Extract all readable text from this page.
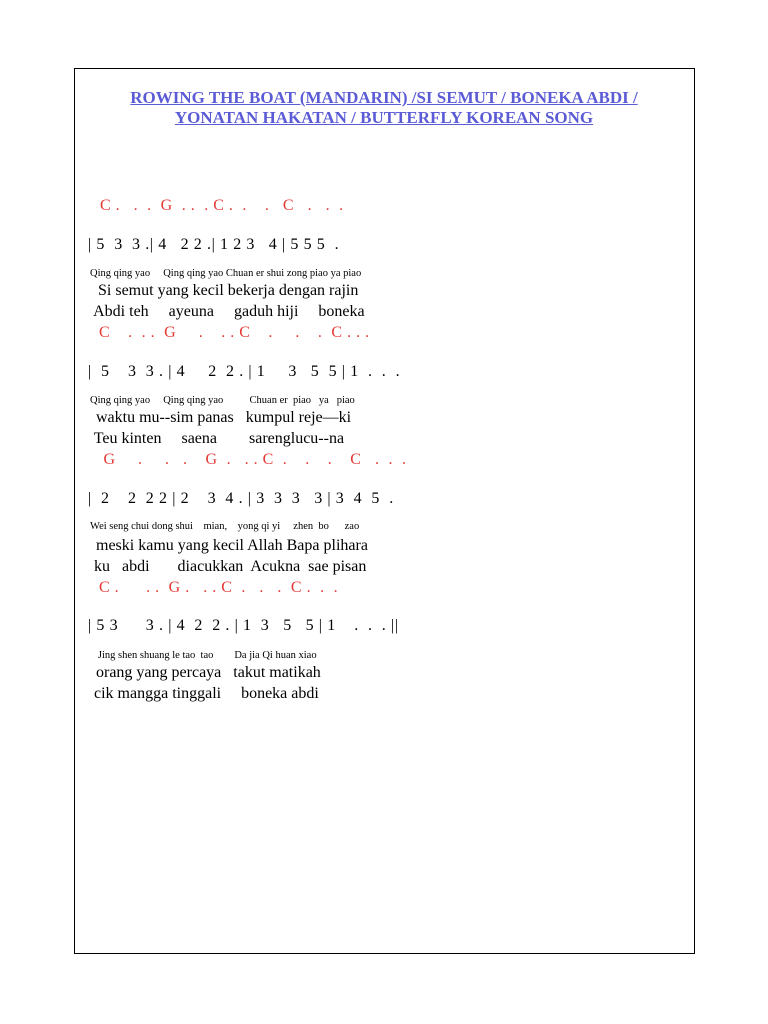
ROWING THE BOAT (MANDARIN) /SI SEMUT / BONEKA ABDI /
YONATAN HAKATAN / BUTTERFLY KOREAN SONG
C .   .  .  G  . .  . C .  .    .   C   .   .  .
| 5  3  3 .| 4   2 2 .| 1 2 3   4 | 5 5 5  .
Qing qing yao     Qing qing yao Chuan er shui zong piao ya piao
Si semut yang kecil bekerja dengan rajin
Abdi teh     ayeuna     gaduh hiji     boneka
C    .  . .  G     .    . . C    .     .    .  C . . .
|  5    3  3 . | 4     2  2 . | 1     3   5  5 | 1  .  .  .
Qing qing yao     Qing qing yao          Chuan er  piao   ya   piao
waktu mu--sim panas   kumpul reje—ki
Teu kinten     saena        sarenglucu--na
G     .     .   .    G  .   . . C  .    .    .    C   .  .  .
|  2    2  2 2 | 2    3  4 . | 3  3  3   3 | 3  4  5  .
Wei seng chui dong shui    mian,    yong qi yi     zhen  bo      zao
meski kamu yang kecil Allah Bapa plihara
ku   abdi       diacukkan  Acukna  sae pisan
C .      . .  G .   . . C  .   .   .  C .  .  .
| 5 3      3 . | 4  2  2 . | 1  3   5   5 | 1    .  .  . ||
Jing shen shuang le tao  tao        Da jia Qi huan xiao
orang yang percaya   takut matikah
cik mangga tinggali     boneka abdi
